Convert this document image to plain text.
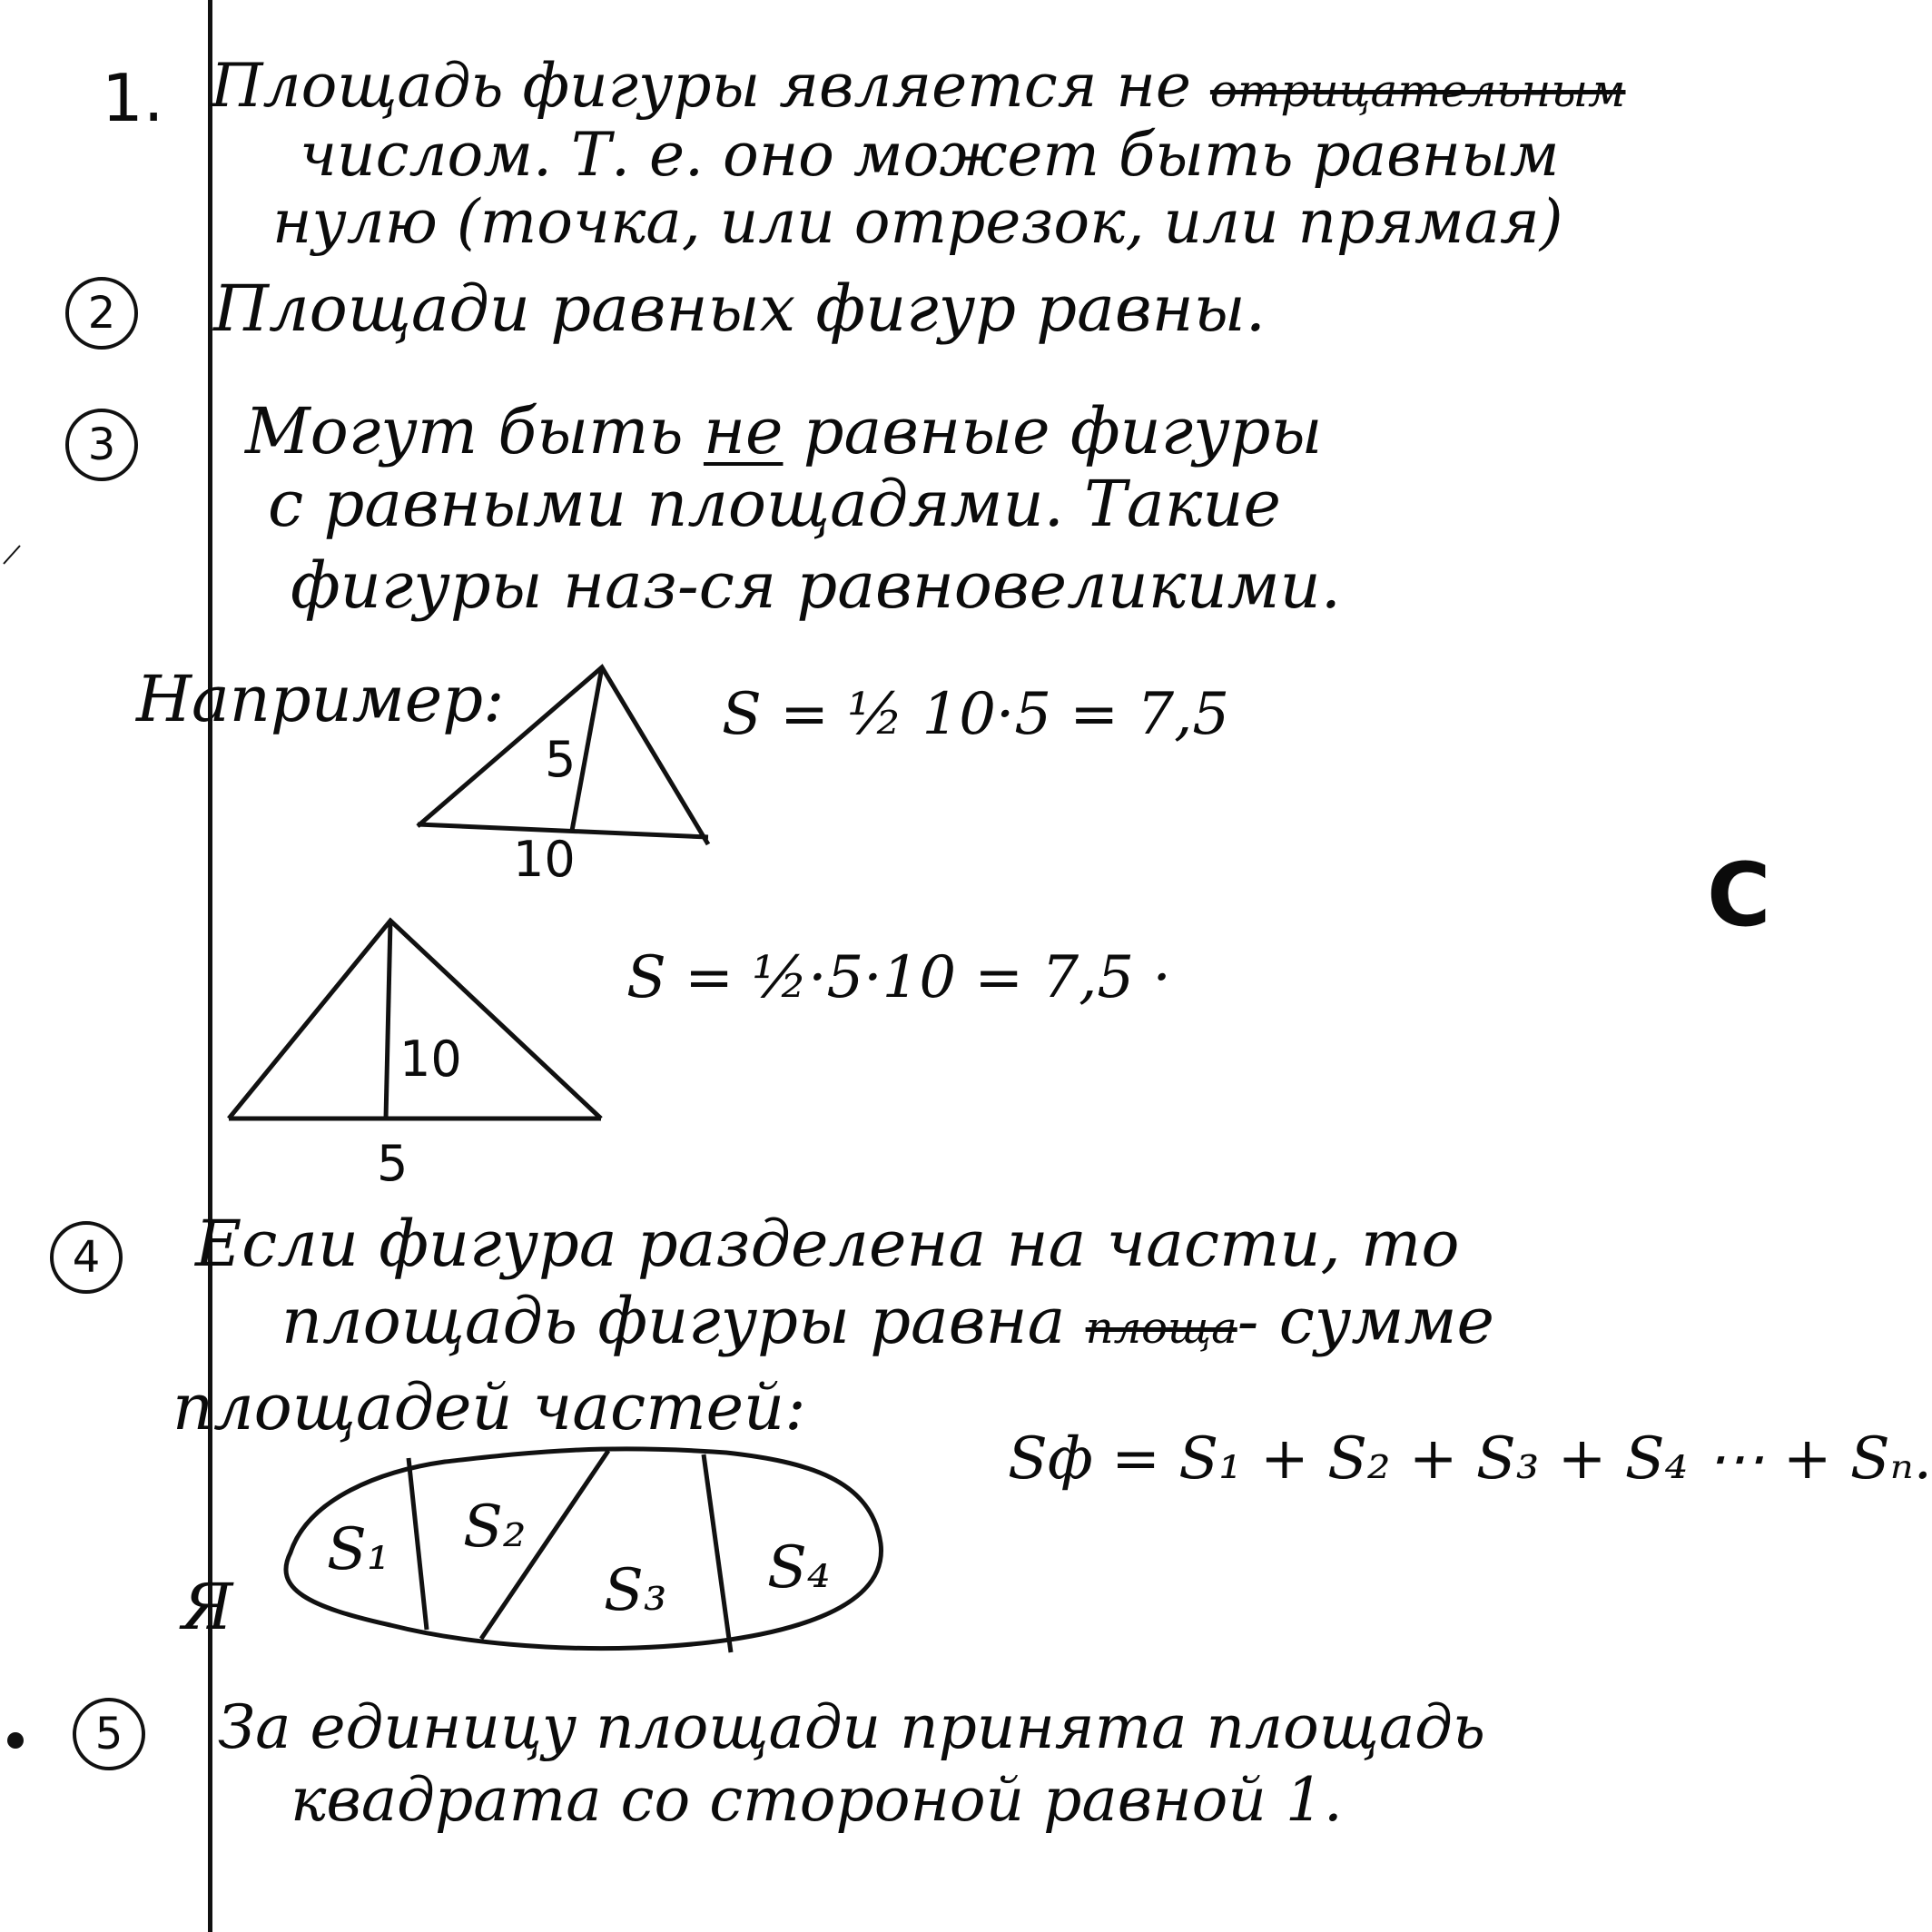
1. Площадь фигуры является не отрицательным
числом. Т. е. оно может быть равным
нулю (точка, или отрезок, или прямая)
2	Площади равных фигур равны.
3	Могут быть не равные фигуры
с равными площадями. Такие
фигуры наз-ся равновеликими.
Например:
5
10
S = ½ 10·5 = 7,5
10
5
S = ½·5·10 = 7,5 ·
C
4	Если фигура разделена на части, то
площадь фигуры равна площа- сумме
площадей частей:
Sф = S₁ + S₂ + S₃ + S₄ ⋯ + Sₙ.
S₁ S₂
S₃ S₄
Я
5	За единицу площади принята площадь
квадрата со стороной равной 1.
